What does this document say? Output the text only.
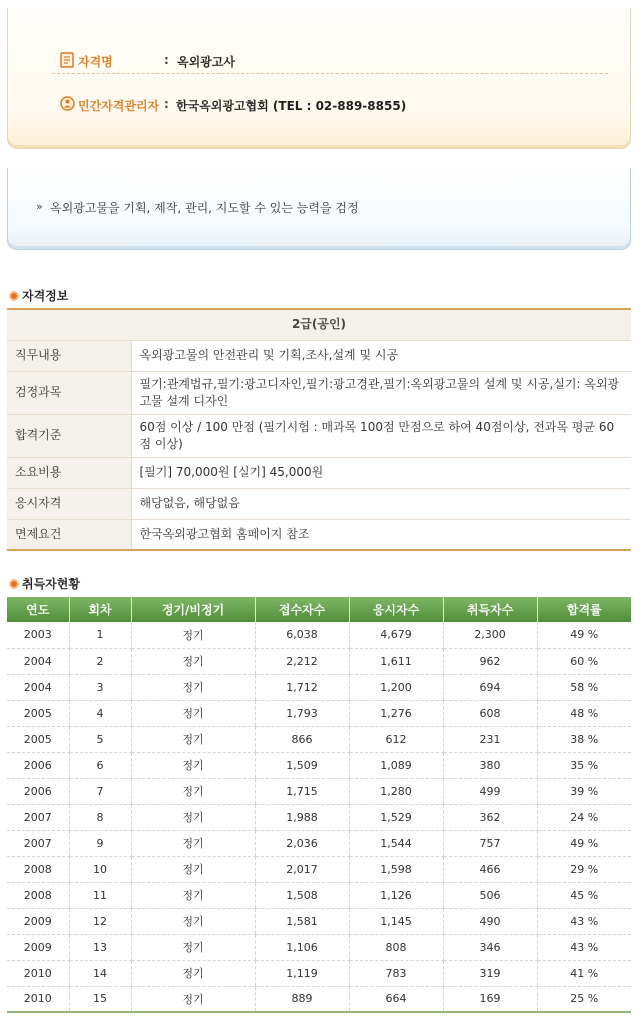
자격명	: 옥외광고사
민간자격관리자 : 한국옥외광고협회 (TEL : 02-889-8855)
» 옥외광고물을 기획, 제작, 관리, 지도할 수 있는 능력을 검정
자격정보
2급(공인)	
직무내용	옥외광고물의 안전관리 및 기획,조사,설계 및 시공
검정과목	필기:관계법규,필기:광고디자인,필기:광고경관,필기:옥외광고물의 설계 및 시공,실기: 옥외광고물 설계 디자인
합격기준	60점 이상 / 100 만점 (필기시험 : 매과목 100점 만점으로 하여 40점이상, 전과목 평균 60점 이상)
소요비용	[필기] 70,000원 [실기] 45,000원
응시자격	해당없음, 해당없음
면제요건	한국옥외광고협회 홈페이지 참조
취득자현황
연도	회차	정기/비정기	접수자수	응시자수	취득자수	합격률
2003	1	정기	6,038	4,679	2,300	49 %
2004	2	정기	2,212	1,611	962	60 %
2004	3	정기	1,712	1,200	694	58 %
2005	4	정기	1,793	1,276	608	48 %
2005	5	정기	866	612	231	38 %
2006	6	정기	1,509	1,089	380	35 %
2006	7	정기	1,715	1,280	499	39 %
2007	8	정기	1,988	1,529	362	24 %
2007	9	정기	2,036	1,544	757	49 %
2008	10	정기	2,017	1,598	466	29 %
2008	11	정기	1,508	1,126	506	45 %
2009	12	정기	1,581	1,145	490	43 %
2009	13	정기	1,106	808	346	43 %
2010	14	정기	1,119	783	319	41 %
2010	15	정기	889	664	169	25 %
